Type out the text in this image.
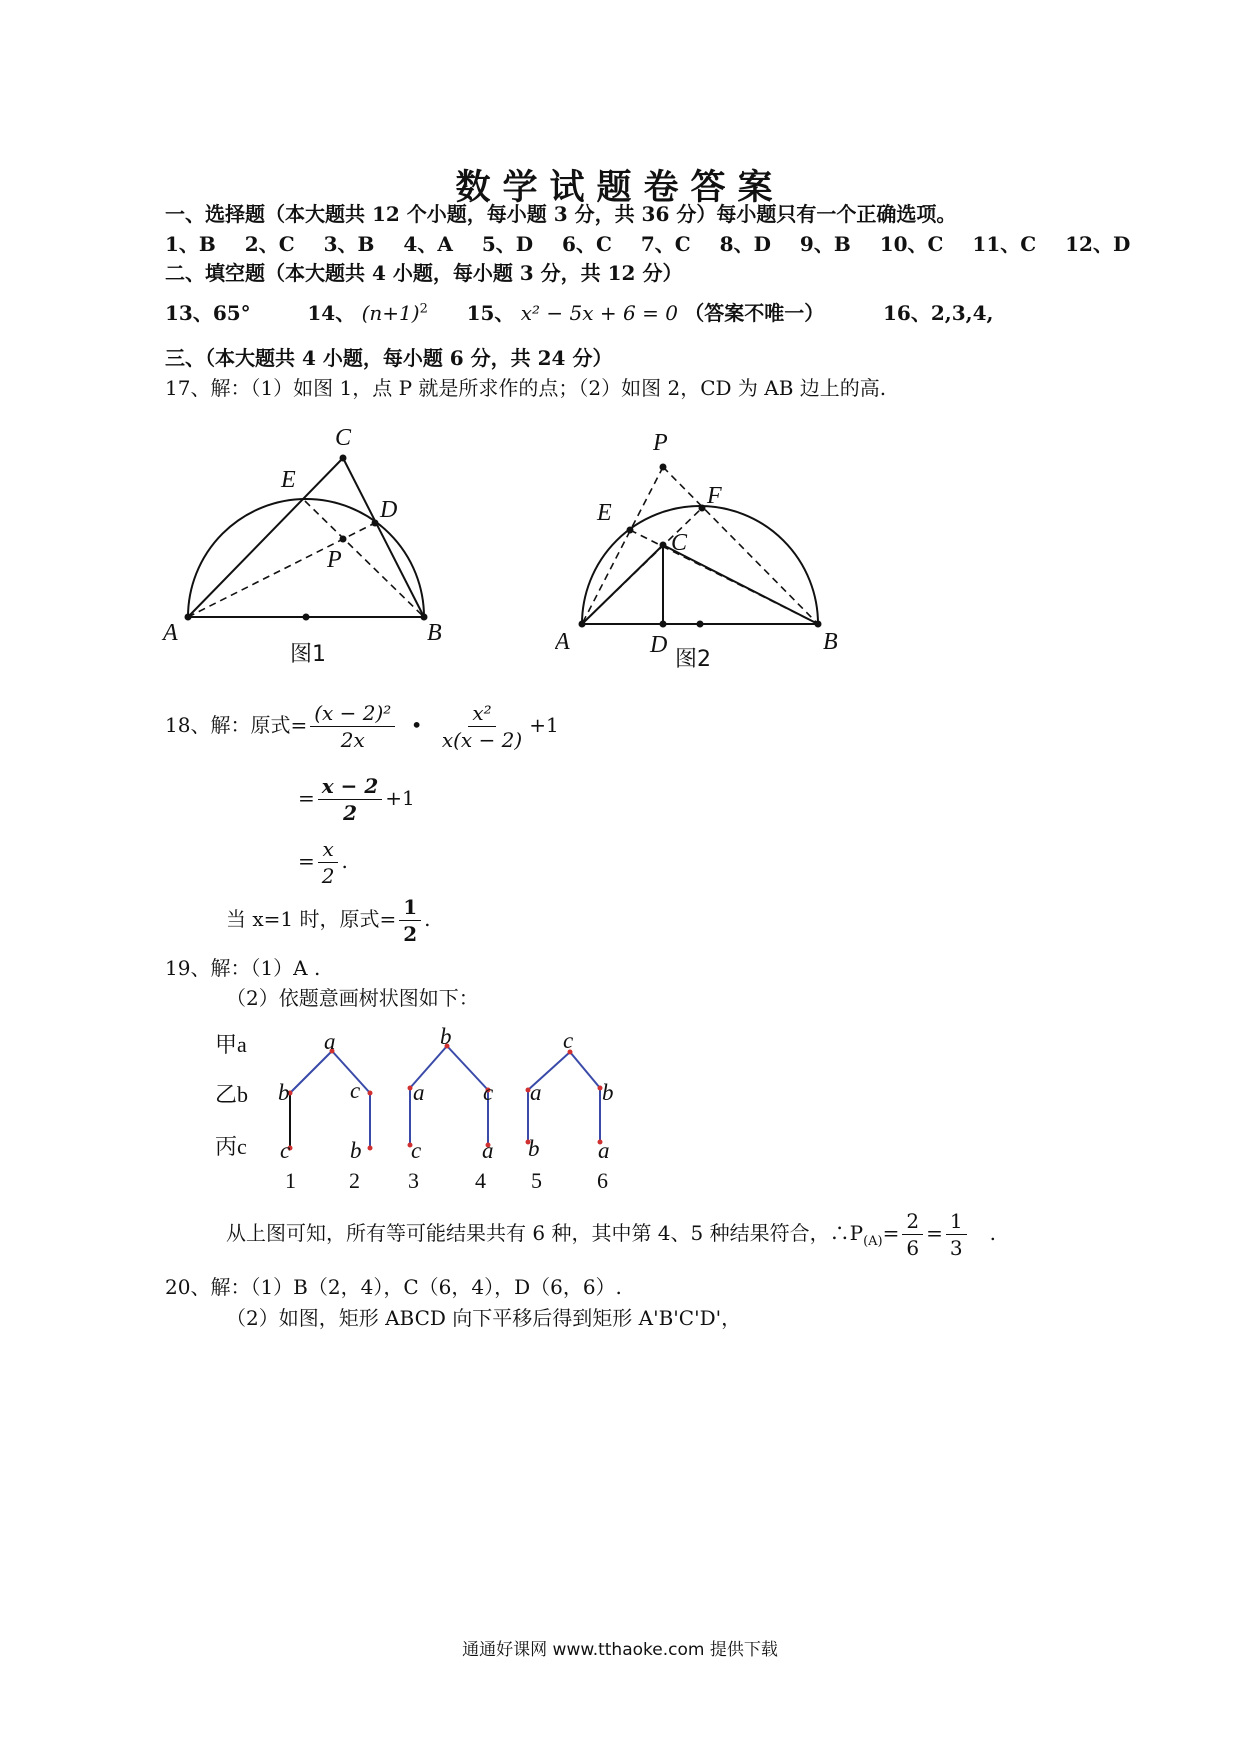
数学试题卷答案
一、选择题（本大题共 12 个小题，每小题 3 分，共 36 分）每小题只有一个正确选项。
1、B 2、C 3、B 4、A 5、D 6、C 7、C 8、D 9、B 10、C 11、C 12、D
二、填空题（本大题共 4 小题，每小题 3 分，共 12 分）
13、65°	14、 $(n+1)^2$ 15、 x² − 5x + 6 = 0 （答案不唯一）	16、2,3,4,
三、（本大题共 4 小题，每小题 6 分，共 24 分）
17、解：（1）如图 1，点 P 就是所求作的点；（2）如图 2，CD 为 AB 边上的高.
C
E
D
P
A	B
图1
P
E
F
C
A	D	B
图2
18、解：原式= $\frac{\text{(x − 2)²}}{2x}$ • $\frac{\text{x²}}{x(x - 2)} +1$
= $\frac{x - 2}{2} +1$
= $\frac{x}{2}$ .
当 x=1 时，原式= $\frac{1}{2}$ .
19、解：（1）A .
（2）依题意画树状图如下：
甲a
乙b
丙c
a
b	c
c	b
b
a	c
c	a
c
a	b
b	a
1 2 3	4 5	6
从上图可知，所有等可能结果共有 6 种，其中第 4、5 种结果符合，$\therefore P_{(A)}= \frac{2}{6} = \frac{1}{3}$ .
20、解：（1）B（2，4），C（6，4），D（6，6）.
（2）如图，矩形 ABCD 向下平移后得到矩形 A'B'C'D'，
通通好课网 www.tthaoke.com 提供下载
